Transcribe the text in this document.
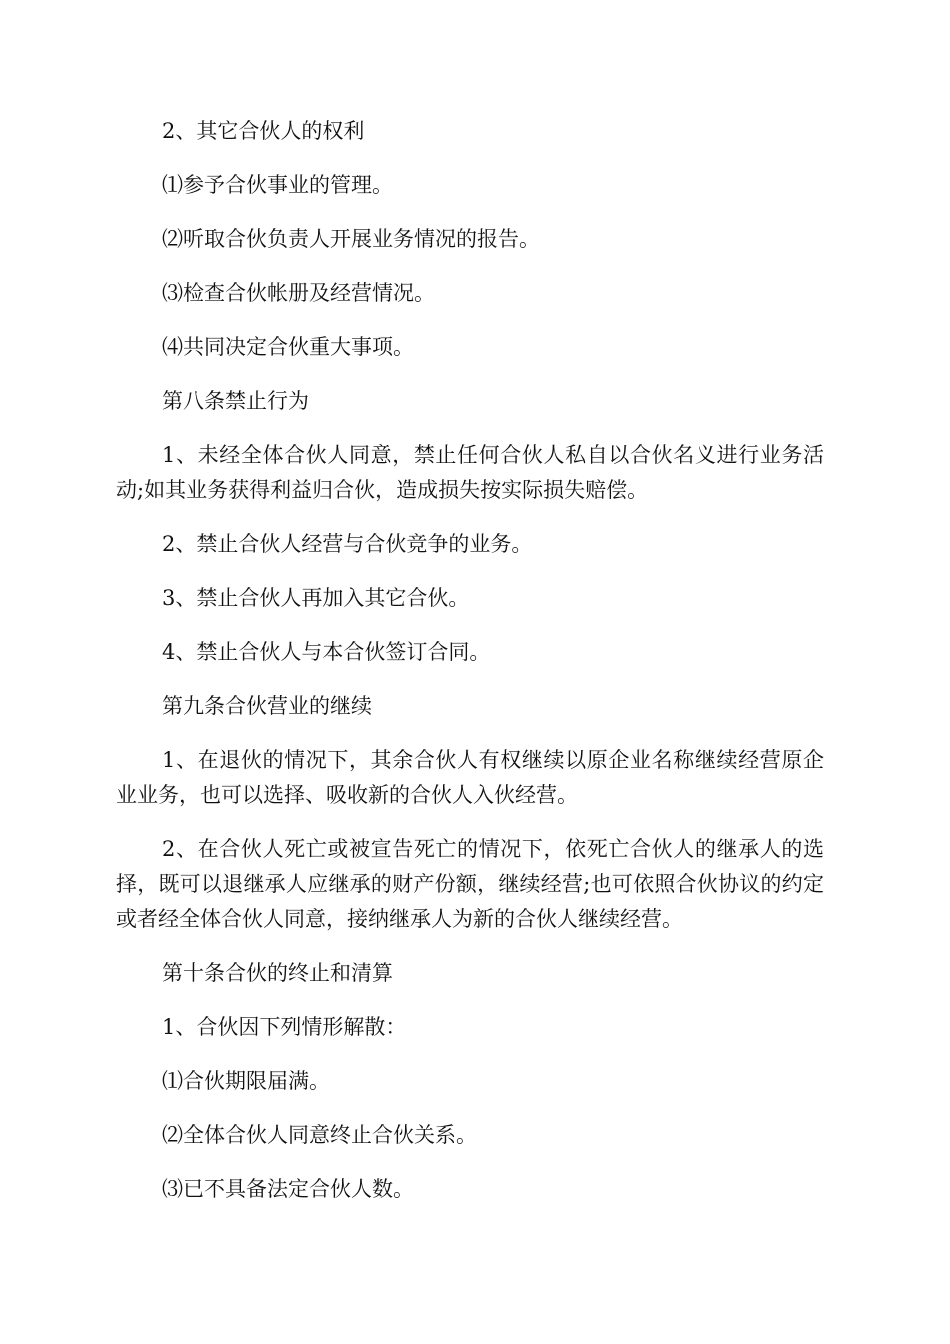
2、其它合伙人的权利

⑴参予合伙事业的管理。

⑵听取合伙负责人开展业务情况的报告。

⑶检查合伙帐册及经营情况。

⑷共同决定合伙重大事项。

第八条禁止行为

1、未经全体合伙人同意，禁止任何合伙人私自以合伙名义进行业务活动;如其业务获得利益归合伙，造成损失按实际损失赔偿。

2、禁止合伙人经营与合伙竞争的业务。

3、禁止合伙人再加入其它合伙。

4、禁止合伙人与本合伙签订合同。

第九条合伙营业的继续

1、在退伙的情况下，其余合伙人有权继续以原企业名称继续经营原企业业务，也可以选择、吸收新的合伙人入伙经营。

2、在合伙人死亡或被宣告死亡的情况下，依死亡合伙人的继承人的选择，既可以退继承人应继承的财产份额，继续经营;也可依照合伙协议的约定或者经全体合伙人同意，接纳继承人为新的合伙人继续经营。

第十条合伙的终止和清算

1、合伙因下列情形解散：

⑴合伙期限届满。

⑵全体合伙人同意终止合伙关系。

⑶已不具备法定合伙人数。
